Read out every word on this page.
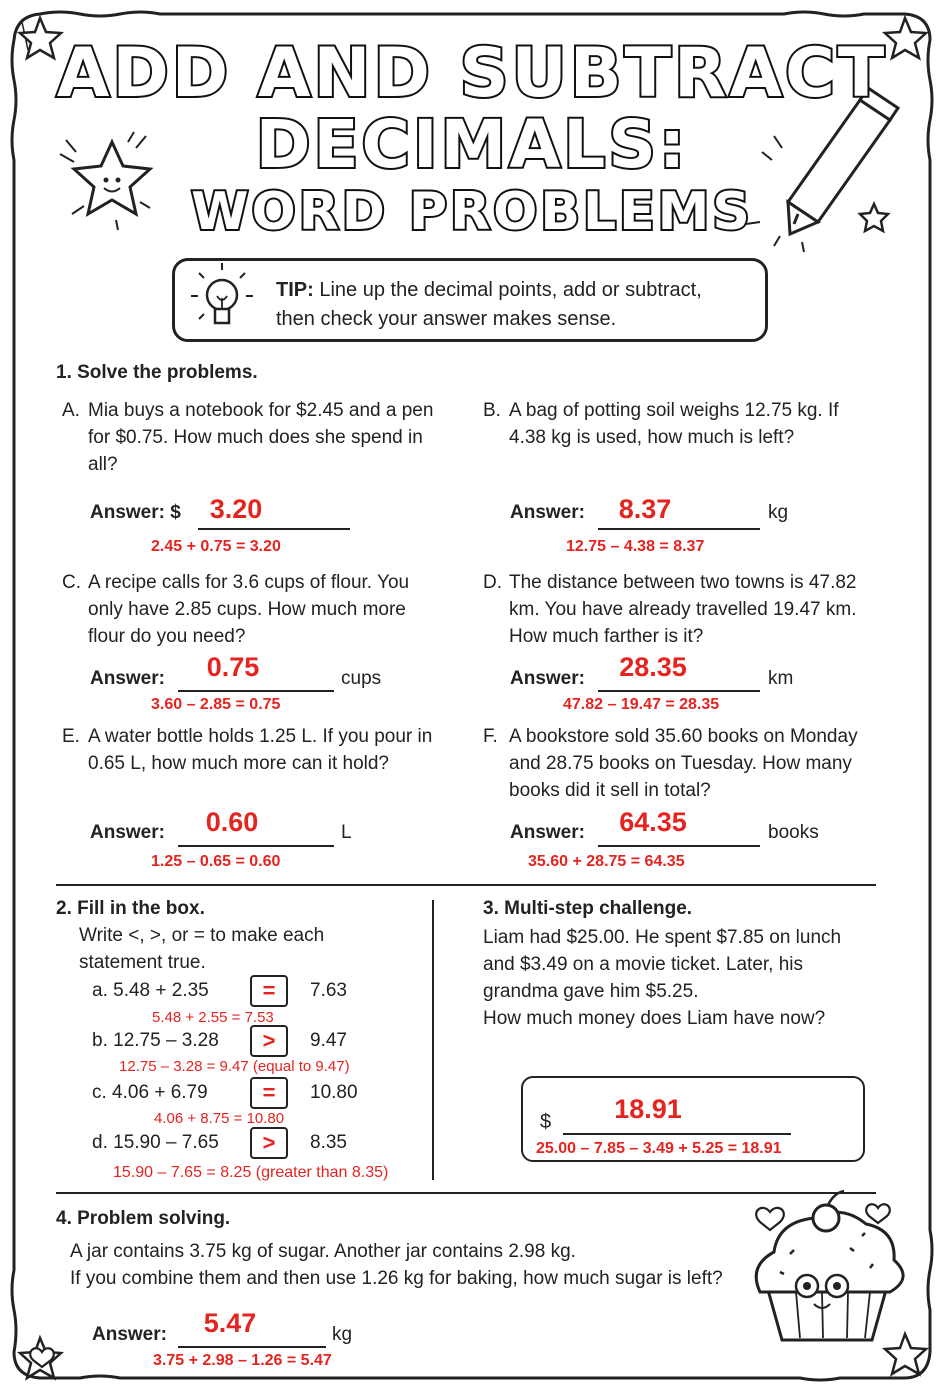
ADD AND SUBTRACT
DECIMALS:
WORD PROBLEMS
TIP: Line up the decimal points, add or subtract,
then check your answer makes sense.
1. Solve the problems.
A. Mia buys a notebook for $2.45 and a pen for $0.75. How much does she spend in all?
Answer: $	3.20
2.45 + 0.75 = 3.20
B. A bag of potting soil weighs 12.75 kg. If 4.38 kg is used, how much is left?
Answer:	8.37	kg
12.75 – 4.38 = 8.37
C. A recipe calls for 3.6 cups of flour. You only have 2.85 cups. How much more flour do you need?
Answer:	0.75	cups
3.60 – 2.85 = 0.75
D. The distance between two towns is 47.82 km. You have already travelled 19.47 km. How much farther is it?
Answer:	28.35	km
47.82 – 19.47 = 28.35
E. A water bottle holds 1.25 L. If you pour in 0.65 L, how much more can it hold?
Answer:	0.60	L
1.25 – 0.65 = 0.60
F. A bookstore sold 35.60 books on Monday and 28.75 books on Tuesday. How many books did it sell in total?
Answer:	64.35	books
35.60 + 28.75 = 64.35
2. Fill in the box.
Write <, >, or = to make each
statement true.
a. 5.48 + 2.35	=	7.63
5.48 + 2.55 = 7.53
b. 12.75 – 3.28	>	9.47
12.75 – 3.28 = 9.47 (equal to 9.47)
c. 4.06 + 6.79	=	10.80
4.06 + 8.75 = 10.80
d. 15.90 – 7.65	>	8.35
15.90 – 7.65 = 8.25 (greater than 8.35)
3. Multi-step challenge.
Liam had $25.00. He spent $7.85 on lunch
and $3.49 on a movie ticket. Later, his
grandma gave him $5.25.
How much money does Liam have now?
$	18.91
25.00 – 7.85 – 3.49 + 5.25 = 18.91
4. Problem solving.
A jar contains 3.75 kg of sugar. Another jar contains 2.98 kg.
If you combine them and then use 1.26 kg for baking, how much sugar is left?
Answer:	5.47	kg
3.75 + 2.98 – 1.26 = 5.47
